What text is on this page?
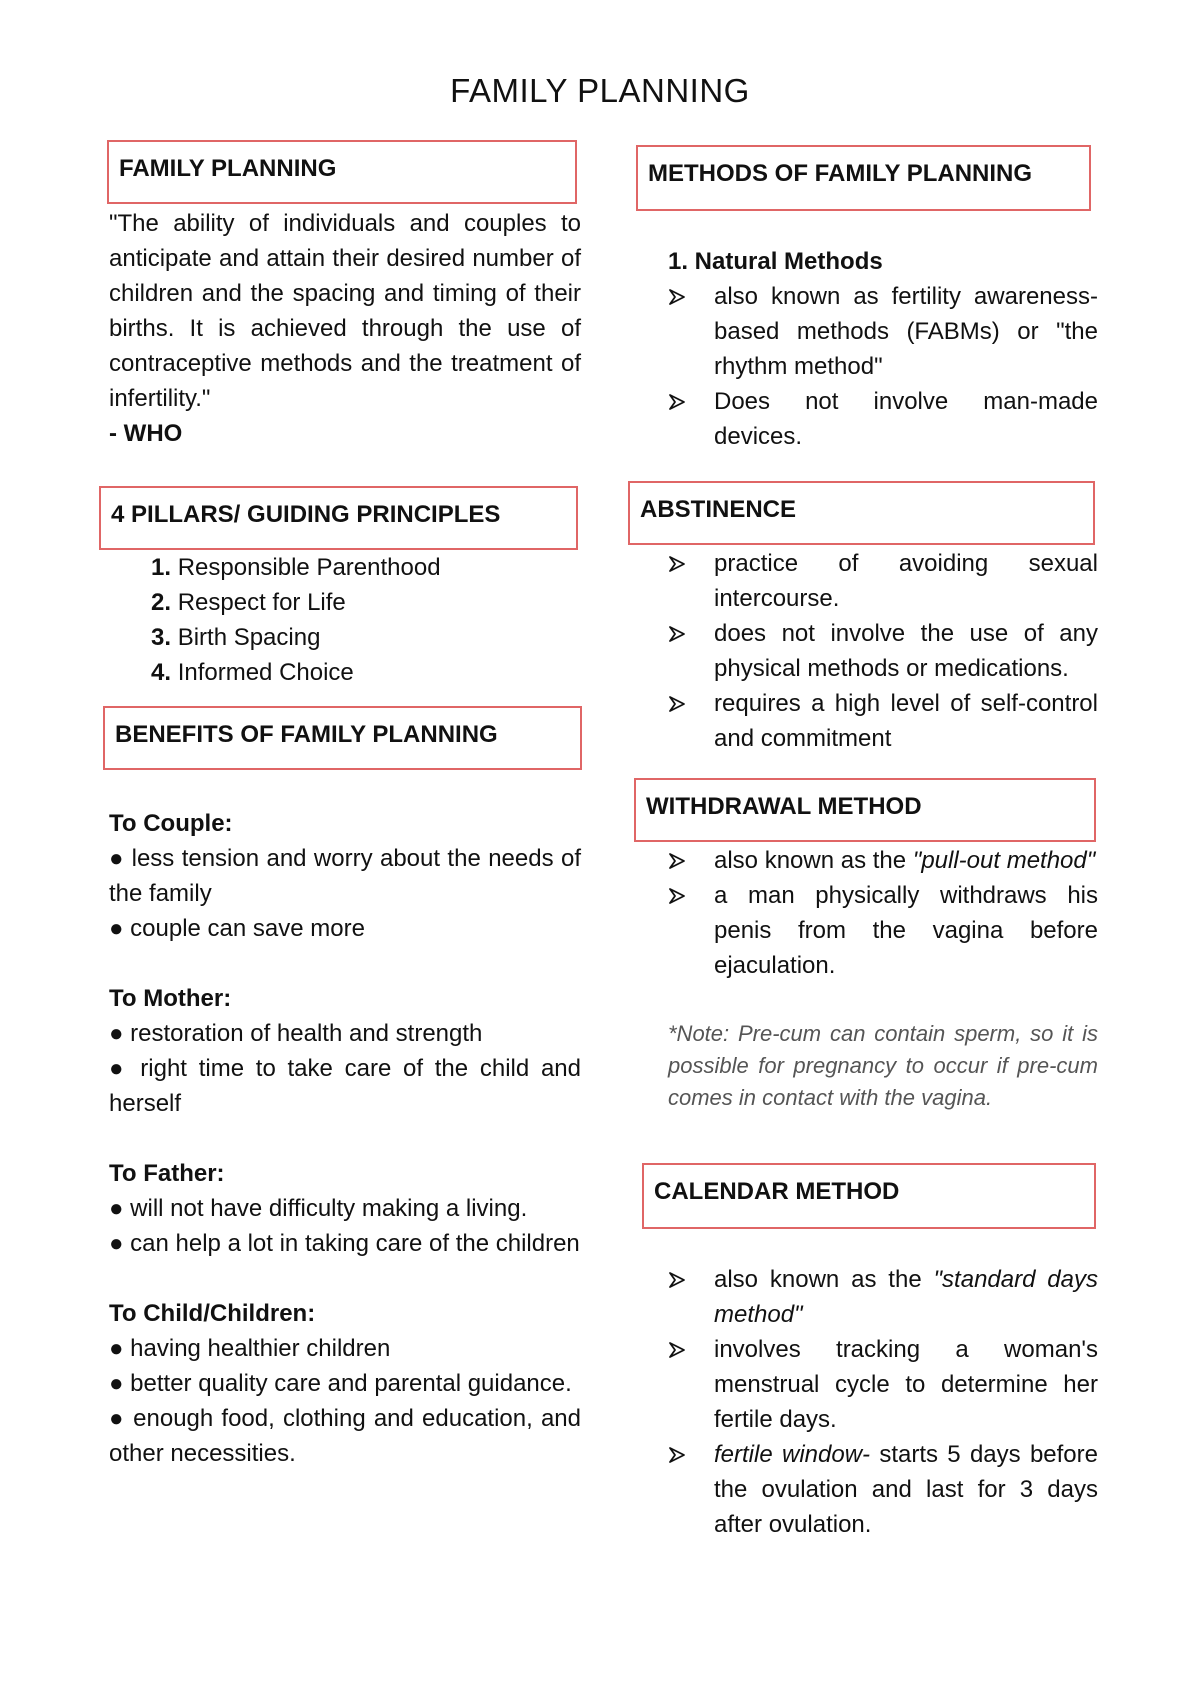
FAMILY PLANNING
FAMILY PLANNING
"The ability of individuals and couples to anticipate and attain their desired number of children and the spacing and timing of their births. It is achieved through the use of contraceptive methods and the treatment of infertility."
- WHO
4 PILLARS/ GUIDING PRINCIPLES
1. Responsible Parenthood
2. Respect for Life
3. Birth Spacing
4. Informed Choice
BENEFITS OF FAMILY PLANNING
To Couple:
● less tension and worry about the needs of the family
● couple can save more
To Mother:
● restoration of health and strength
● right time to take care of the child and herself
To Father:
● will not have difficulty making a living.
● can help a lot in taking care of the children
To Child/Children:
● having healthier children
● better quality care and parental guidance.
● enough food, clothing and education, and other necessities.
METHODS OF FAMILY PLANNING
1. Natural Methods
also known as fertility awareness-based methods (FABMs) or "the rhythm method"
Does not involve man-made devices.
ABSTINENCE
practice of avoiding sexual intercourse.
does not involve the use of any physical methods or medications.
requires a high level of self-control and commitment
WITHDRAWAL METHOD
also known as the "pull-out method"
a man physically withdraws his penis from the vagina before ejaculation.
*Note: Pre-cum can contain sperm, so it is possible for pregnancy to occur if pre-cum comes in contact with the vagina.
CALENDAR METHOD
also known as the "standard days method"
involves tracking a woman's menstrual cycle to determine her fertile days.
fertile window- starts 5 days before the ovulation and last for 3 days after ovulation.
